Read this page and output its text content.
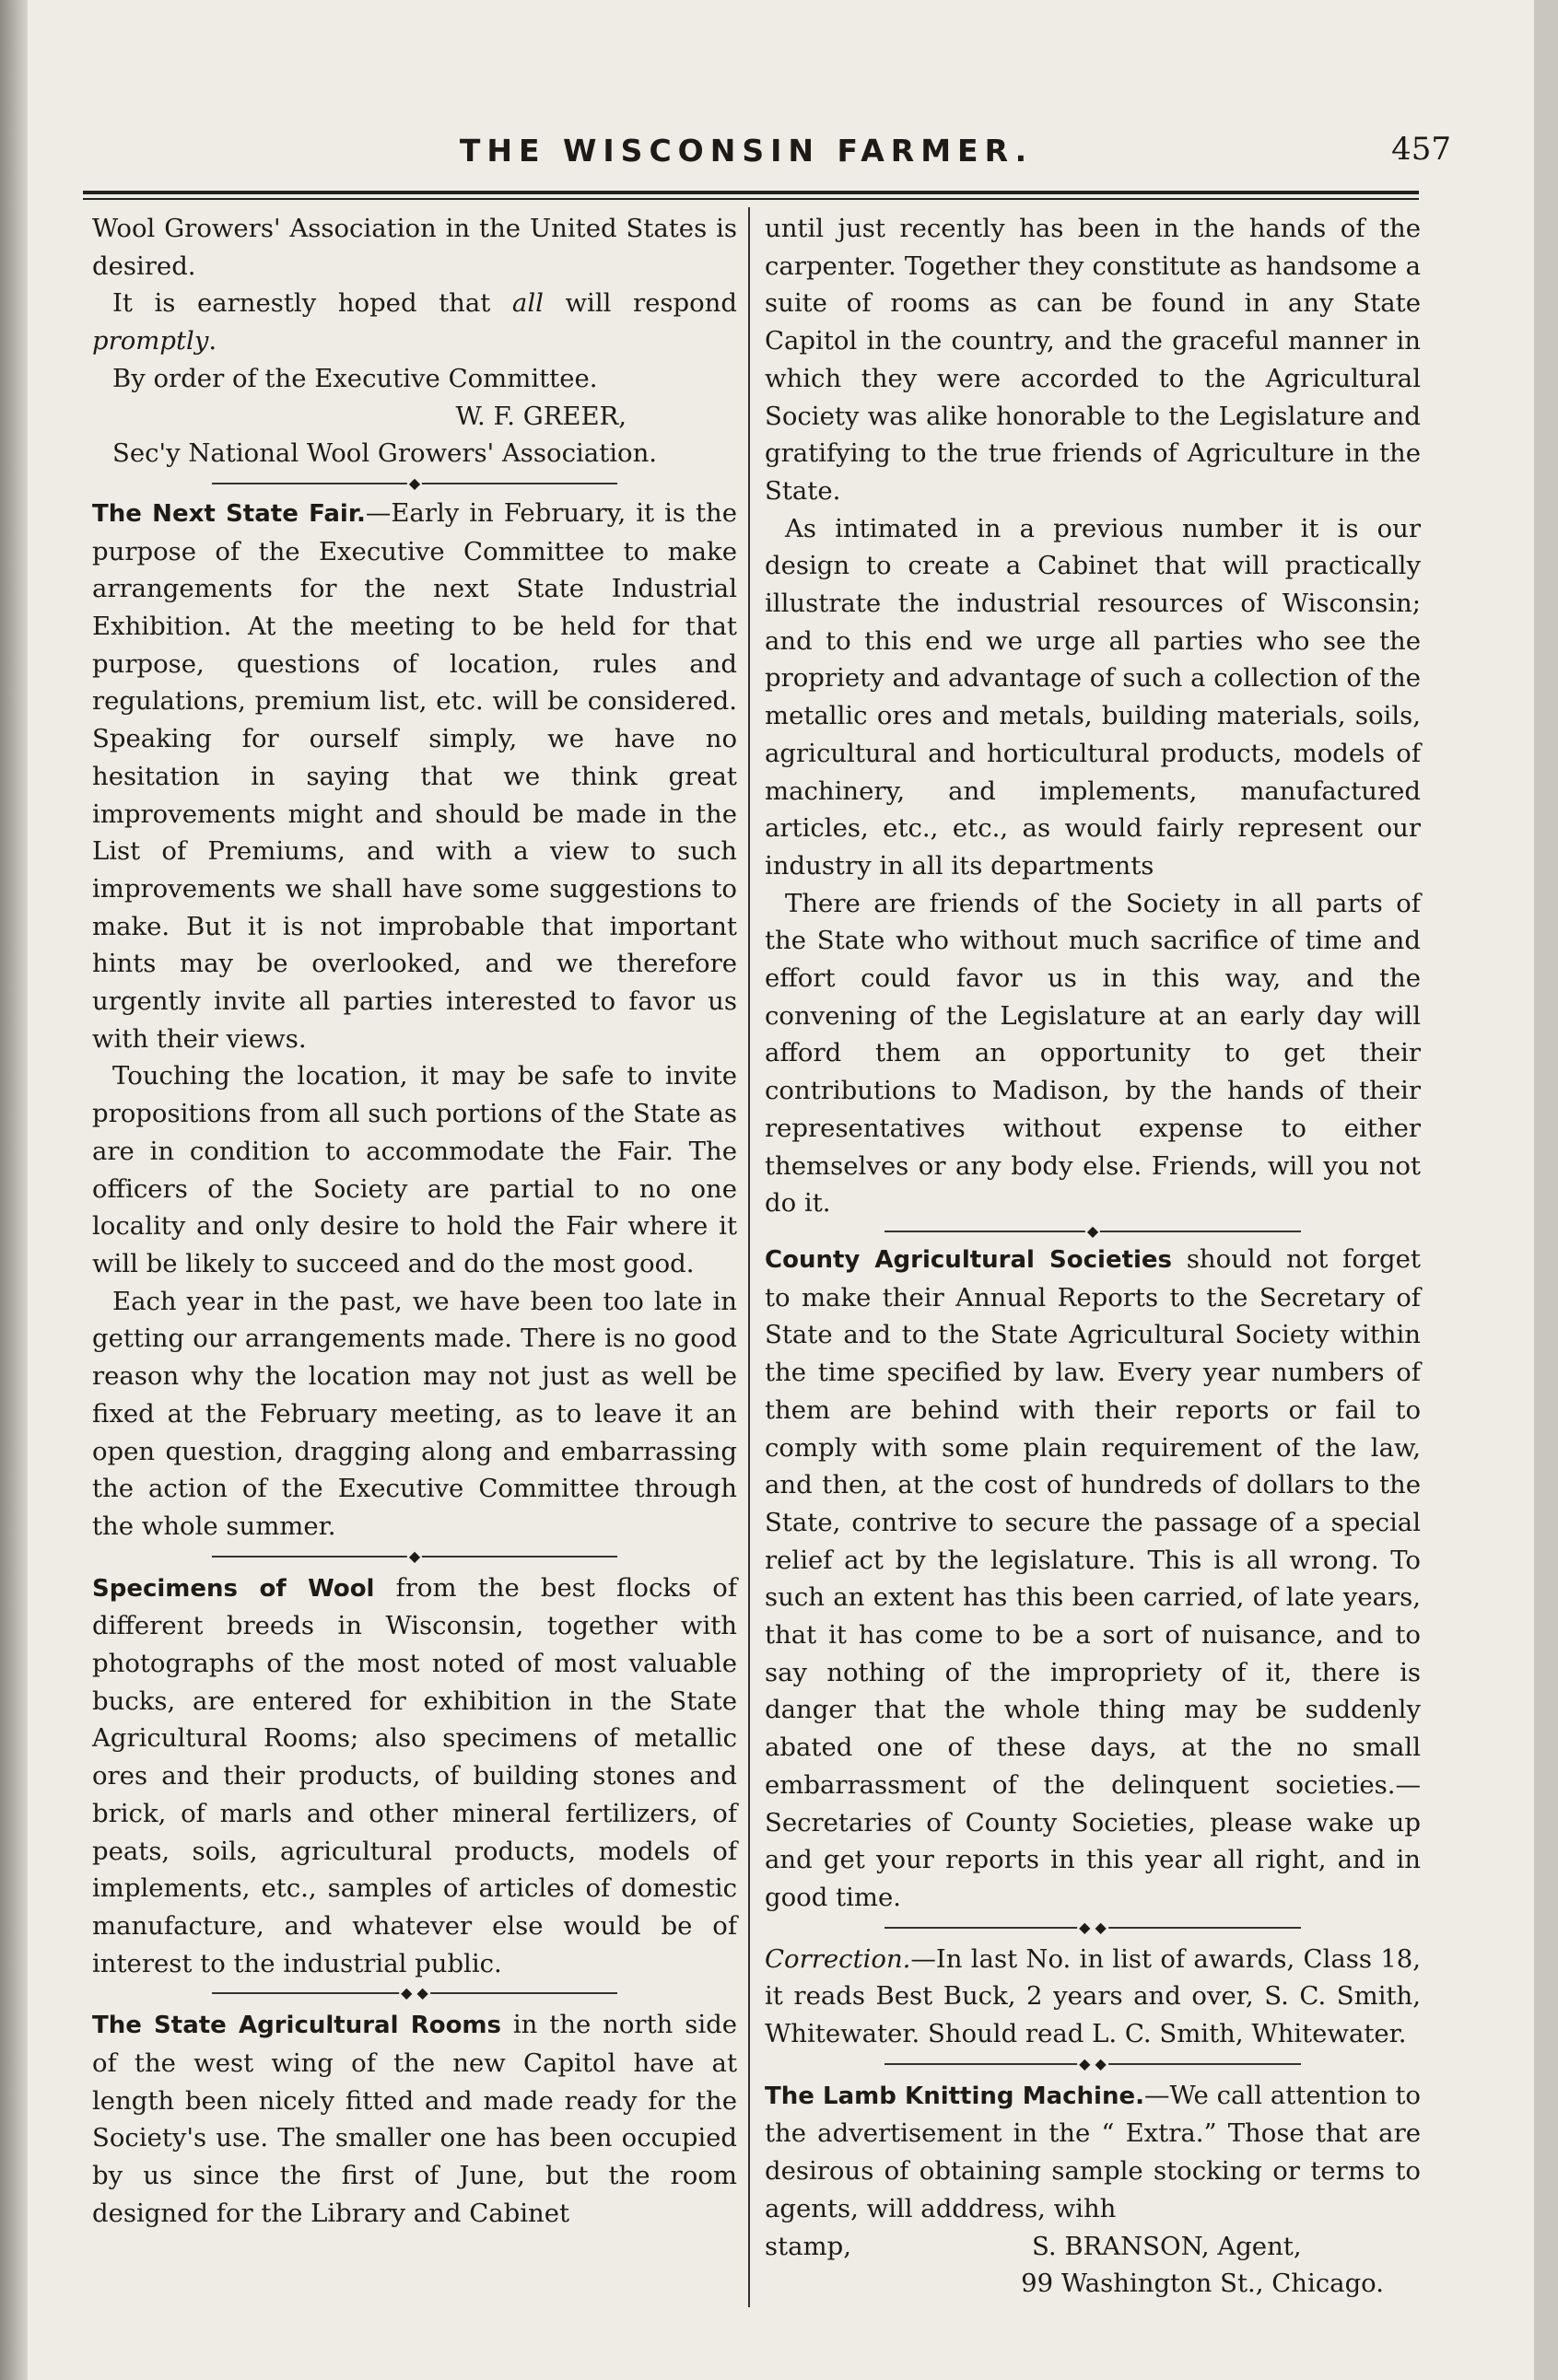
THE WISCONSIN FARMER.	457

Wool Growers' Association in the United States is desired.

It is earnestly hoped that all will respond promptly.

By order of the Executive Committee.

W. F. GREER,

Sec'y National Wool Growers' Association.

◆

The Next State Fair.—Early in February, it is the purpose of the Executive Committee to make arrangements for the next State Industrial Exhibition. At the meeting to be held for that purpose, questions of location, rules and regulations, premium list, etc. will be considered. Speaking for ourself simply, we have no hesitation in saying that we think great improvements might and should be made in the List of Premiums, and with a view to such improvements we shall have some suggestions to make. But it is not improbable that important hints may be overlooked, and we therefore urgently invite all parties interested to favor us with their views.

Touching the location, it may be safe to invite propositions from all such portions of the State as are in condition to accommodate the Fair. The officers of the Society are partial to no one locality and only desire to hold the Fair where it will be likely to succeed and do the most good.

Each year in the past, we have been too late in getting our arrangements made. There is no good reason why the location may not just as well be fixed at the February meeting, as to leave it an open question, dragging along and embarrassing the action of the Executive Committee through the whole summer.

◆

Specimens of Wool from the best flocks of different breeds in Wisconsin, together with photographs of the most noted of most valuable bucks, are entered for exhibition in the State Agricultural Rooms; also specimens of metallic ores and their products, of building stones and brick, of marls and other mineral fertilizers, of peats, soils, agricultural products, models of implements, etc., samples of articles of domestic manufacture, and whatever else would be of interest to the industrial public.

◆ ◆

The State Agricultural Rooms in the north side of the west wing of the new Capitol have at length been nicely fitted and made ready for the Society's use. The smaller one has been occupied by us since the first of June, but the room designed for the Library and Cabinet

until just recently has been in the hands of the carpenter. Together they constitute as handsome a suite of rooms as can be found in any State Capitol in the country, and the graceful manner in which they were accorded to the Agricultural Society was alike honorable to the Legislature and gratifying to the true friends of Agriculture in the State.

As intimated in a previous number it is our design to create a Cabinet that will practically illustrate the industrial resources of Wisconsin; and to this end we urge all parties who see the propriety and advantage of such a collection of the metallic ores and metals, building materials, soils, agricultural and horticultural products, models of machinery, and implements, manufactured articles, etc., etc., as would fairly represent our industry in all its departments

There are friends of the Society in all parts of the State who without much sacrifice of time and effort could favor us in this way, and the convening of the Legislature at an early day will afford them an opportunity to get their contributions to Madison, by the hands of their representatives without expense to either themselves or any body else. Friends, will you not do it.

◆

County Agricultural Societies should not forget to make their Annual Reports to the Secretary of State and to the State Agricultural Society within the time specified by law. Every year numbers of them are behind with their reports or fail to comply with some plain requirement of the law, and then, at the cost of hundreds of dollars to the State, contrive to secure the passage of a special relief act by the legislature. This is all wrong. To such an extent has this been carried, of late years, that it has come to be a sort of nuisance, and to say nothing of the impropriety of it, there is danger that the whole thing may be suddenly abated one of these days, at the no small embarrassment of the delinquent societies.—Secretaries of County Societies, please wake up and get your reports in this year all right, and in good time.

◆ ◆

Correction.—In last No. in list of awards, Class 18, it reads Best Buck, 2 years and over, S. C. Smith, Whitewater. Should read L. C. Smith, Whitewater.

◆ ◆

The Lamb Knitting Machine.—We call attention to the advertisement in the “ Extra.” Those that are desirous of obtaining sample stocking or terms to agents, will adddress, wihh

stamp,	S. BRANSON, Agent,

99 Washington St., Chicago.
